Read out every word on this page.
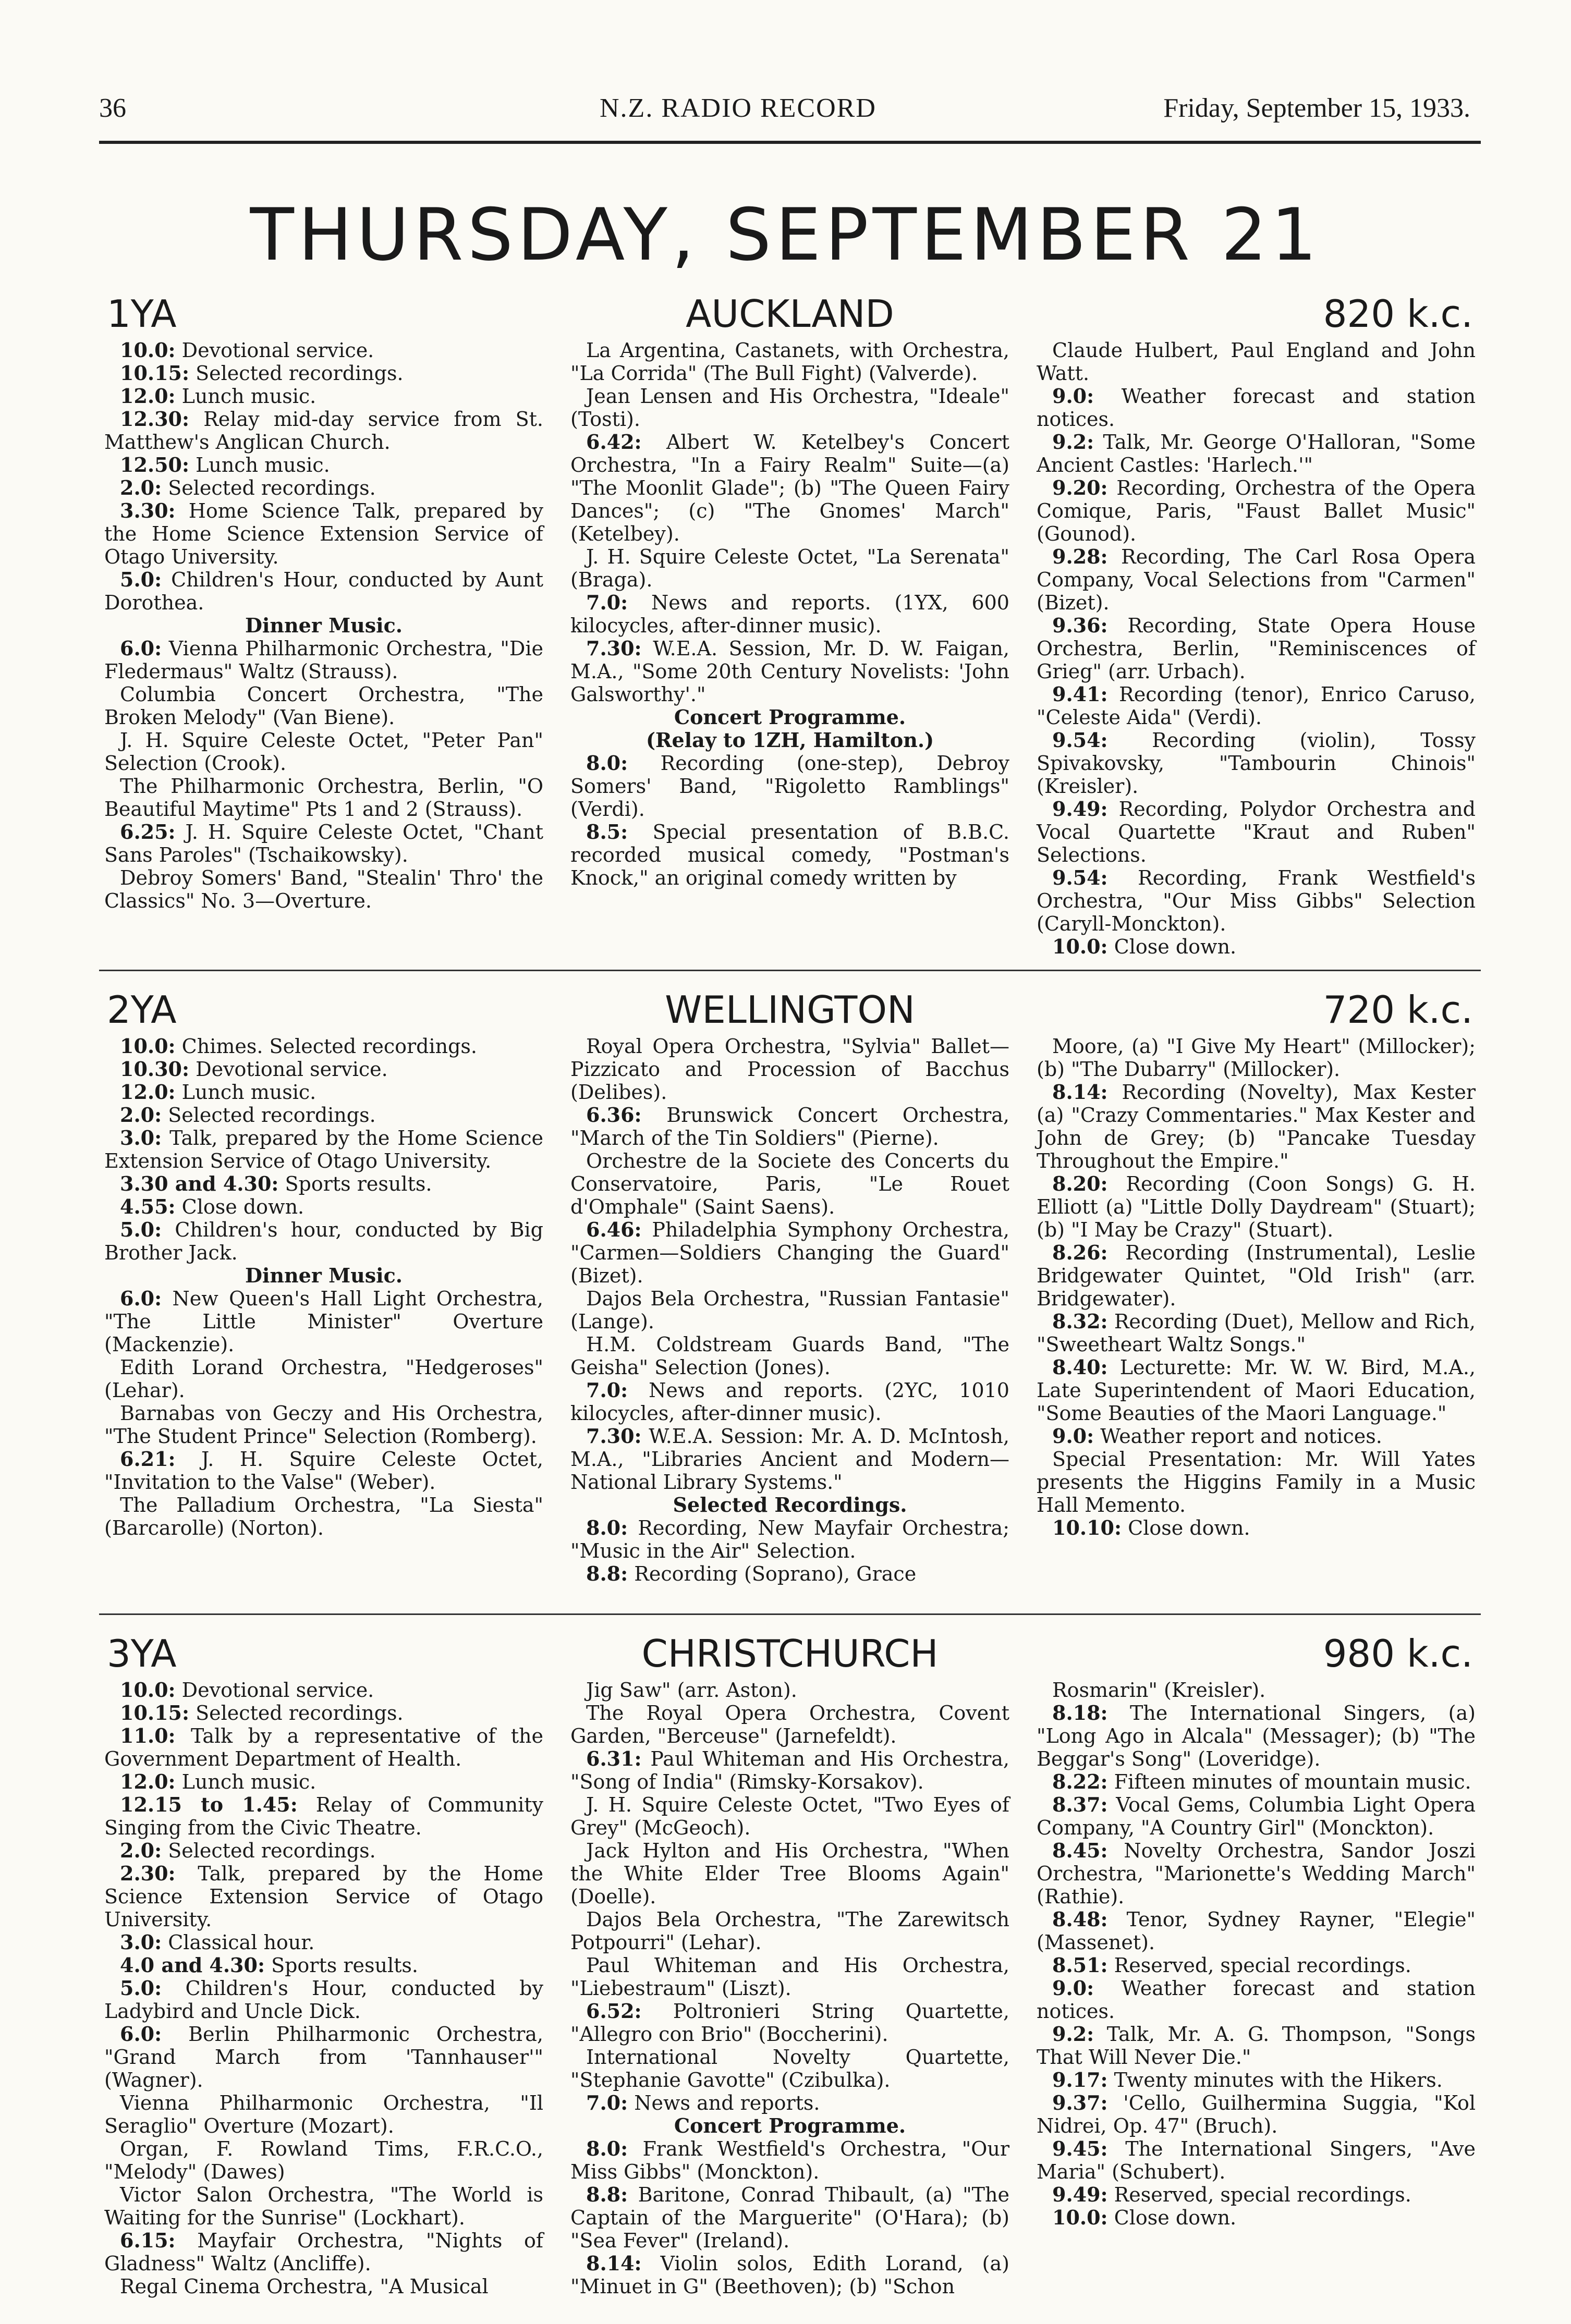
36	N.Z. RADIO RECORD	Friday, September 15, 1933.
THURSDAY, SEPTEMBER 21
1YA	AUCKLAND	820 k.c.

10.0: Devotional service.

10.15: Selected recordings.

12.0: Lunch music.

12.30: Relay mid-day service from St. Matthew's Anglican Church.

12.50: Lunch music.

2.0: Selected recordings.

3.30: Home Science Talk, prepared by the Home Science Extension Service of Otago University.

5.0: Children's Hour, conducted by Aunt Dorothea.

Dinner Music.

6.0: Vienna Philharmonic Orchestra, "Die Fledermaus" Waltz (Strauss).

Columbia Concert Orchestra, "The Broken Melody" (Van Biene).

J. H. Squire Celeste Octet, "Peter Pan" Selection (Crook).

The Philharmonic Orchestra, Berlin, "O Beautiful Maytime" Pts 1 and 2 (Strauss).

6.25: J. H. Squire Celeste Octet, "Chant Sans Paroles" (Tschaikowsky).

Debroy Somers' Band, "Stealin' Thro' the Classics" No. 3—Overture.

La Argentina, Castanets, with Orchestra, "La Corrida" (The Bull Fight) (Valverde).

Jean Lensen and His Orchestra, "Ideale" (Tosti).

6.42: Albert W. Ketelbey's Concert Orchestra, "In a Fairy Realm" Suite—(a) "The Moonlit Glade"; (b) "The Queen Fairy Dances"; (c) "The Gnomes' March" (Ketelbey).

J. H. Squire Celeste Octet, "La Serenata" (Braga).

7.0: News and reports. (1YX, 600 kilocycles, after-dinner music).

7.30: W.E.A. Session, Mr. D. W. Faigan, M.A., "Some 20th Century Novelists: 'John Galsworthy'."

Concert Programme.

(Relay to 1ZH, Hamilton.)

8.0: Recording (one-step), Debroy Somers' Band, "Rigoletto Ramblings" (Verdi).

8.5: Special presentation of B.B.C. recorded musical comedy, "Postman's Knock," an original comedy written by

Claude Hulbert, Paul England and John Watt.

9.0: Weather forecast and station notices.

9.2: Talk, Mr. George O'Halloran, "Some Ancient Castles: 'Harlech.'"

9.20: Recording, Orchestra of the Opera Comique, Paris, "Faust Ballet Music" (Gounod).

9.28: Recording, The Carl Rosa Opera Company, Vocal Selections from "Carmen" (Bizet).

9.36: Recording, State Opera House Orchestra, Berlin, "Reminiscences of Grieg" (arr. Urbach).

9.41: Recording (tenor), Enrico Caruso, "Celeste Aida" (Verdi).

9.54: Recording (violin), Tossy Spivakovsky, "Tambourin Chinois" (Kreisler).

9.49: Recording, Polydor Orchestra and Vocal Quartette "Kraut and Ruben" Selections.

9.54: Recording, Frank Westfield's Orchestra, "Our Miss Gibbs" Selection (Caryll-Monckton).

10.0: Close down.

2YA	WELLINGTON	720 k.c.

10.0: Chimes. Selected recordings.

10.30: Devotional service.

12.0: Lunch music.

2.0: Selected recordings.

3.0: Talk, prepared by the Home Science Extension Service of Otago University.

3.30 and 4.30: Sports results.

4.55: Close down.

5.0: Children's hour, conducted by Big Brother Jack.

Dinner Music.

6.0: New Queen's Hall Light Orchestra, "The Little Minister" Overture (Mackenzie).

Edith Lorand Orchestra, "Hedgeroses" (Lehar).

Barnabas von Geczy and His Orchestra, "The Student Prince" Selection (Romberg).

6.21: J. H. Squire Celeste Octet, "Invitation to the Valse" (Weber).

The Palladium Orchestra, "La Siesta" (Barcarolle) (Norton).

Royal Opera Orchestra, "Sylvia" Ballet—Pizzicato and Procession of Bacchus (Delibes).

6.36: Brunswick Concert Orchestra, "March of the Tin Soldiers" (Pierne).

Orchestre de la Societe des Concerts du Conservatoire, Paris, "Le Rouet d'Omphale" (Saint Saens).

6.46: Philadelphia Symphony Orchestra, "Carmen—Soldiers Changing the Guard" (Bizet).

Dajos Bela Orchestra, "Russian Fantasie" (Lange).

H.M. Coldstream Guards Band, "The Geisha" Selection (Jones).

7.0: News and reports. (2YC, 1010 kilocycles, after-dinner music).

7.30: W.E.A. Session: Mr. A. D. McIntosh, M.A., "Libraries Ancient and Modern—National Library Systems."

Selected Recordings.

8.0: Recording, New Mayfair Orchestra; "Music in the Air" Selection.

8.8: Recording (Soprano), Grace

Moore, (a) "I Give My Heart" (Millocker); (b) "The Dubarry" (Millocker).

8.14: Recording (Novelty), Max Kester (a) "Crazy Commentaries." Max Kester and John de Grey; (b) "Pancake Tuesday Throughout the Empire."

8.20: Recording (Coon Songs) G. H. Elliott (a) "Little Dolly Daydream" (Stuart); (b) "I May be Crazy" (Stuart).

8.26: Recording (Instrumental), Leslie Bridgewater Quintet, "Old Irish" (arr. Bridgewater).

8.32: Recording (Duet), Mellow and Rich, "Sweetheart Waltz Songs."

8.40: Lecturette: Mr. W. W. Bird, M.A., Late Superintendent of Maori Education, "Some Beauties of the Maori Language."

9.0: Weather report and notices.

Special Presentation: Mr. Will Yates presents the Higgins Family in a Music Hall Memento.

10.10: Close down.

3YA	CHRISTCHURCH	980 k.c.

10.0: Devotional service.

10.15: Selected recordings.

11.0: Talk by a representative of the Government Department of Health.

12.0: Lunch music.

12.15 to 1.45: Relay of Community Singing from the Civic Theatre.

2.0: Selected recordings.

2.30: Talk, prepared by the Home Science Extension Service of Otago University.

3.0: Classical hour.

4.0 and 4.30: Sports results.

5.0: Children's Hour, conducted by Ladybird and Uncle Dick.

6.0: Berlin Philharmonic Orchestra, "Grand March from 'Tannhauser'" (Wagner).

Vienna Philharmonic Orchestra, "Il Seraglio" Overture (Mozart).

Organ, F. Rowland Tims, F.R.C.O., "Melody" (Dawes)

Victor Salon Orchestra, "The World is Waiting for the Sunrise" (Lockhart).

6.15: Mayfair Orchestra, "Nights of Gladness" Waltz (Ancliffe).

Regal Cinema Orchestra, "A Musical

Jig Saw" (arr. Aston).

The Royal Opera Orchestra, Covent Garden, "Berceuse" (Jarnefeldt).

6.31: Paul Whiteman and His Orchestra, "Song of India" (Rimsky-Korsakov).

J. H. Squire Celeste Octet, "Two Eyes of Grey" (McGeoch).

Jack Hylton and His Orchestra, "When the White Elder Tree Blooms Again" (Doelle).

Dajos Bela Orchestra, "The Zarewitsch Potpourri" (Lehar).

Paul Whiteman and His Orchestra, "Liebestraum" (Liszt).

6.52: Poltronieri String Quartette, "Allegro con Brio" (Boccherini).

International Novelty Quartette, "Stephanie Gavotte" (Czibulka).

7.0: News and reports.

Concert Programme.

8.0: Frank Westfield's Orchestra, "Our Miss Gibbs" (Monckton).

8.8: Baritone, Conrad Thibault, (a) "The Captain of the Marguerite" (O'Hara); (b) "Sea Fever" (Ireland).

8.14: Violin solos, Edith Lorand, (a) "Minuet in G" (Beethoven); (b) "Schon

Rosmarin" (Kreisler).

8.18: The International Singers, (a) "Long Ago in Alcala" (Messager); (b) "The Beggar's Song" (Loveridge).

8.22: Fifteen minutes of mountain music.

8.37: Vocal Gems, Columbia Light Opera Company, "A Country Girl" (Monckton).

8.45: Novelty Orchestra, Sandor Joszi Orchestra, "Marionette's Wedding March" (Rathie).

8.48: Tenor, Sydney Rayner, "Elegie" (Massenet).

8.51: Reserved, special recordings.

9.0: Weather forecast and station notices.

9.2: Talk, Mr. A. G. Thompson, "Songs That Will Never Die."

9.17: Twenty minutes with the Hikers.

9.37: 'Cello, Guilhermina Suggia, "Kol Nidrei, Op. 47" (Bruch).

9.45: The International Singers, "Ave Maria" (Schubert).

9.49: Reserved, special recordings.

10.0: Close down.
